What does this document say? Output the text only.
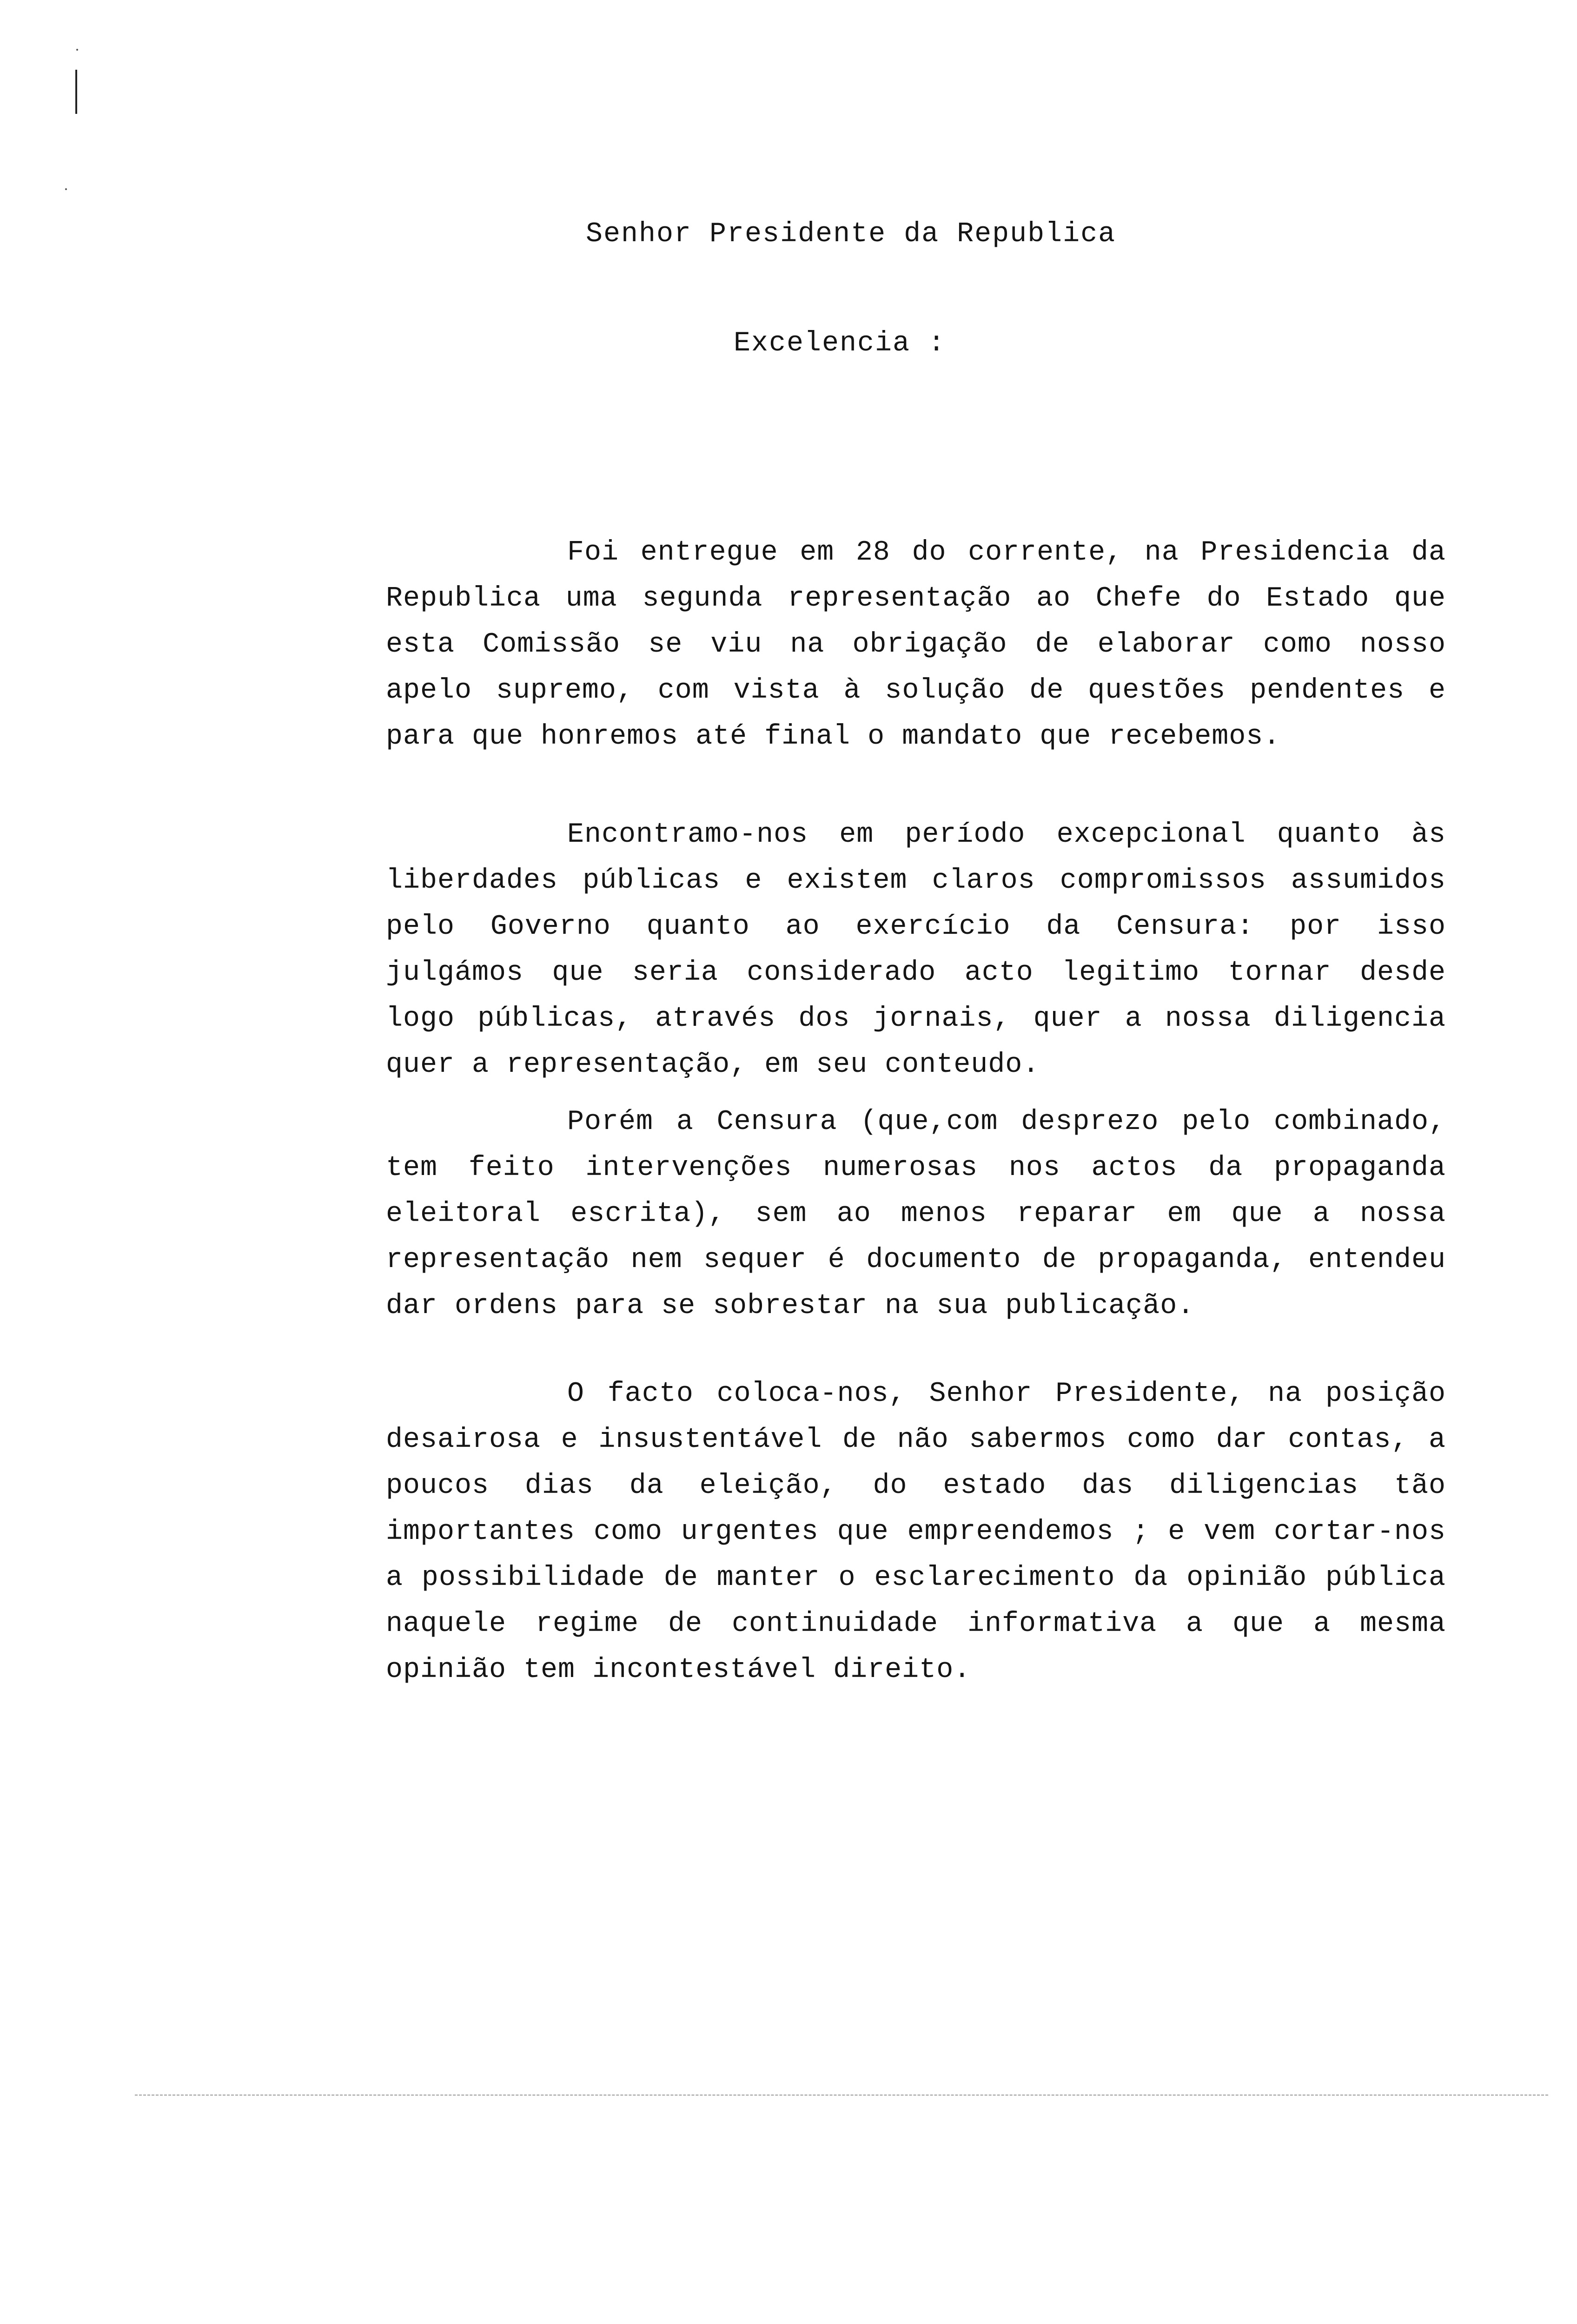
Senhor Presidente da Republica
Excelencia :

Foi entregue em 28 do corrente, na Presidencia da Republica uma segunda representação ao Chefe do Estado que esta Comissão se viu na obrigação de elaborar como nosso apelo supremo, com vista à solução de questões pendentes e para que honremos até final o mandato que recebemos.

Encontramo-nos em período excepcional quanto às liberdades públicas e existem claros compromissos assumidos pelo Governo quanto ao exercício da Censura: por isso julgámos que seria considerado acto legitimo tornar desde logo públicas, através dos jornais, quer a nossa diligencia quer a representação, em seu conteudo.

Porém a Censura (que,com desprezo pelo combinado, tem feito intervenções numerosas nos actos da propaganda eleitoral escrita), sem ao menos reparar em que a nossa representação nem sequer é documento de propaganda, entendeu dar ordens para se sobrestar na sua publicação.

O facto coloca-nos, Senhor Presidente, na posição desairosa e insustentável de não sabermos como dar contas, a poucos dias da eleição, do estado das diligencias tão importantes como urgentes que empreendemos ; e vem cortar-nos a possibilidade de manter o esclarecimento da opinião pública naquele regime de continuidade informativa a que a mesma opinião tem incontestável direito.
